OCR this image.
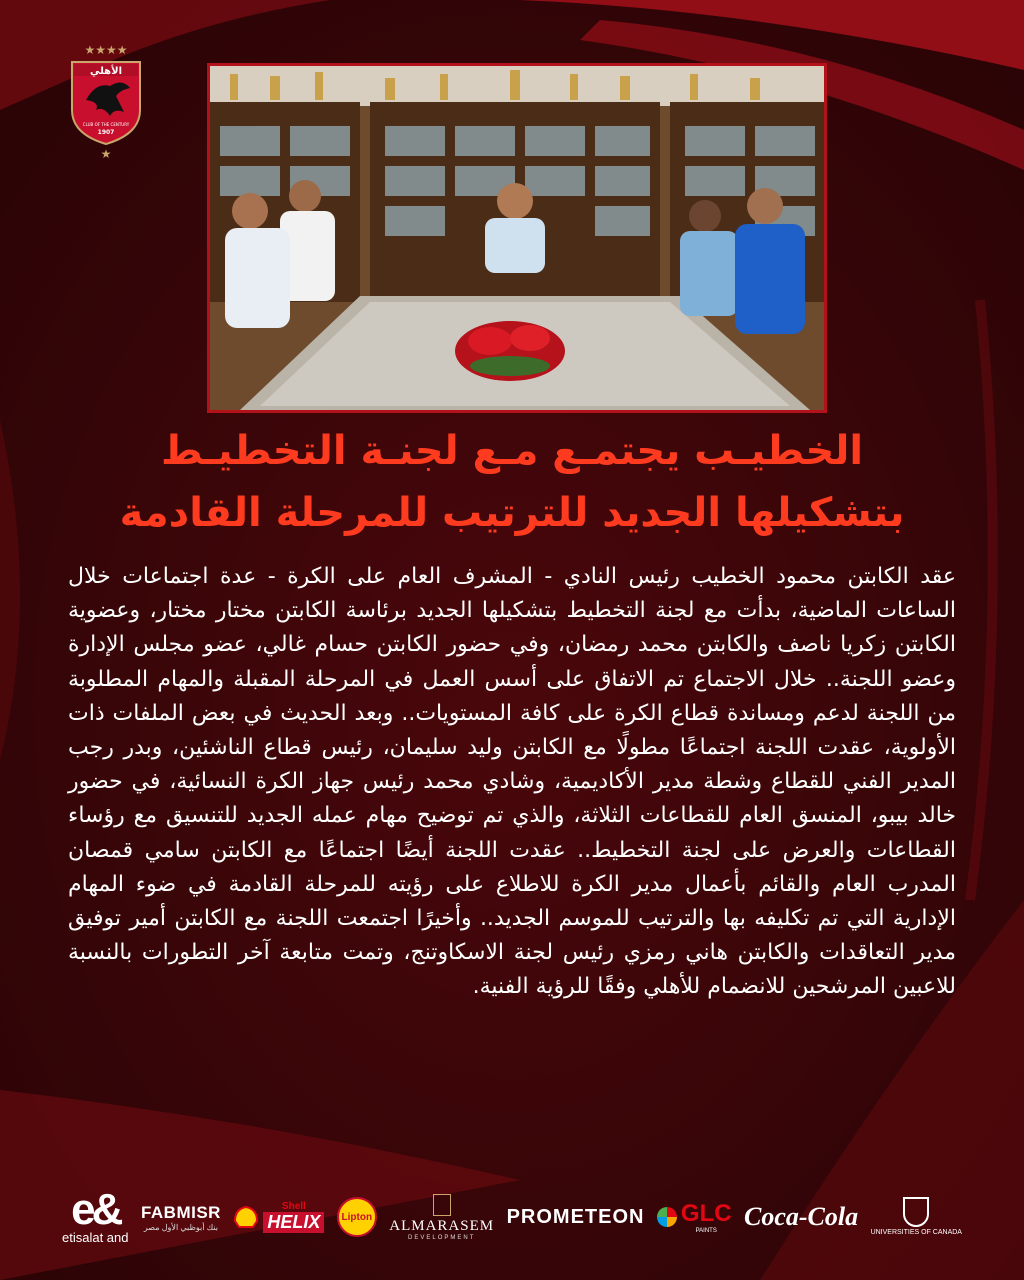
★★★★
الأهلي
CLUB OF THE CENTURY
1907
★
الخطيـب يجتمـع مـع لجنـة التخطيـط
بتشكيلها الجديد للترتيب للمرحلة القادمة

عقد الكابتن محمود الخطيب رئيس النادي - المشرف العام على الكرة - عدة اجتماعات خلال الساعات الماضية، بدأت مع لجنة التخطيط بتشكيلها الجديد برئاسة الكابتن مختار مختار، وعضوية الكابتن زكريا ناصف والكابتن محمد رمضان، وفي حضور الكابتن حسام غالي، عضو مجلس الإدارة وعضو اللجنة.. خلال الاجتماع تم الاتفاق على أسس العمل في المرحلة المقبلة والمهام المطلوبة من اللجنة لدعم ومساندة قطاع الكرة على كافة المستويات.. وبعد الحديث في بعض الملفات ذات الأولوية، عقدت اللجنة اجتماعًا مطولًا مع الكابتن وليد سليمان، رئيس قطاع الناشئين، وبدر رجب المدير الفني للقطاع وشطة مدير الأكاديمية، وشادي محمد رئيس جهاز الكرة النسائية، في حضور خالد بيبو، المنسق العام للقطاعات الثلاثة، والذي تم توضيح مهام عمله الجديد للتنسيق مع رؤساء القطاعات والعرض على لجنة التخطيط.. عقدت اللجنة أيضًا اجتماعًا مع الكابتن سامي قمصان المدرب العام والقائم بأعمال مدير الكرة للاطلاع على رؤيته للمرحلة القادمة في ضوء المهام الإدارية التي تم تكليفه بها والترتيب للموسم الجديد.. وأخيرًا اجتمعت اللجنة مع الكابتن أمير توفيق مدير التعاقدات والكابتن هاني رمزي رئيس لجنة الاسكاوتنج، وتمت متابعة آخر التطورات بالنسبة للاعبين المرشحين للانضمام للأهلي وفقًا للرؤية الفنية.

e&
etisalat and
FABMISR
بنك أبوظبي الأول مصر
Shell
HELIX	Lipton
ALMARASEM
DEVELOPMENT
PROMETEON GLC
PAINTS Coca-Cola
UNIVERSITIES OF CANADA
